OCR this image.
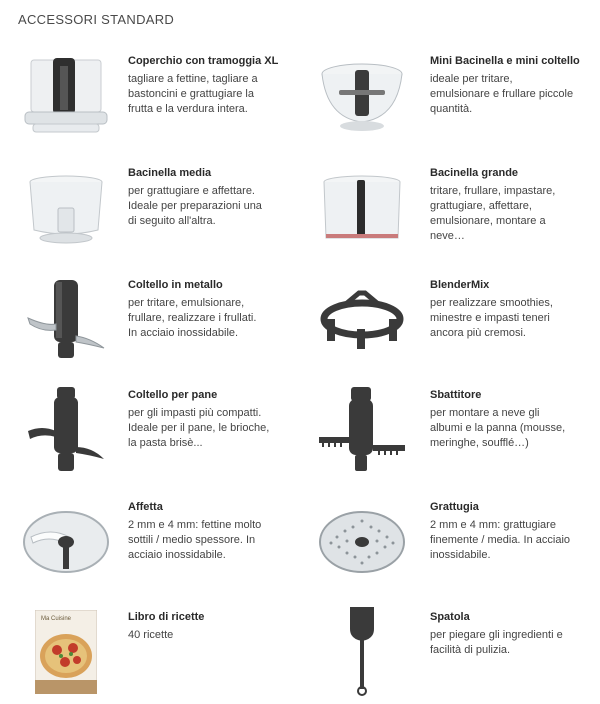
ACCESSORI STANDARD
Coperchio con tramoggia XL
tagliare a fettine, tagliare a
bastoncini e grattugiare la
frutta e la verdura intera.
Mini Bacinella e mini coltello
ideale per tritare,
emulsionare e frullare piccole
quantità.
Bacinella media
per grattugiare e affettare.
Ideale per preparazioni una
di seguito all'altra.
Bacinella grande
tritare, frullare, impastare,
grattugiare, affettare,
emulsionare, montare a
neve…
Coltello in metallo
per tritare, emulsionare,
frullare, realizzare i frullati.
In acciaio inossidabile.
BlenderMix
per realizzare smoothies,
minestre e impasti teneri
ancora più cremosi.
Coltello per pane
per gli impasti più compatti.
Ideale per il pane, le brioche,
la pasta brisè...
Sbattitore
per montare a neve gli
albumi e la panna (mousse,
meringhe, soufflé…)
Affetta
2 mm e 4 mm: fettine molto
sottili / medio spessore. In
acciaio inossidabile.
Grattugia
2 mm e 4 mm: grattugiare
finemente / media. In acciaio
inossidabile.
Ma Cuisine	Libro di ricette
40 ricette
Spatola
per piegare gli ingredienti e
facilità di pulizia.
